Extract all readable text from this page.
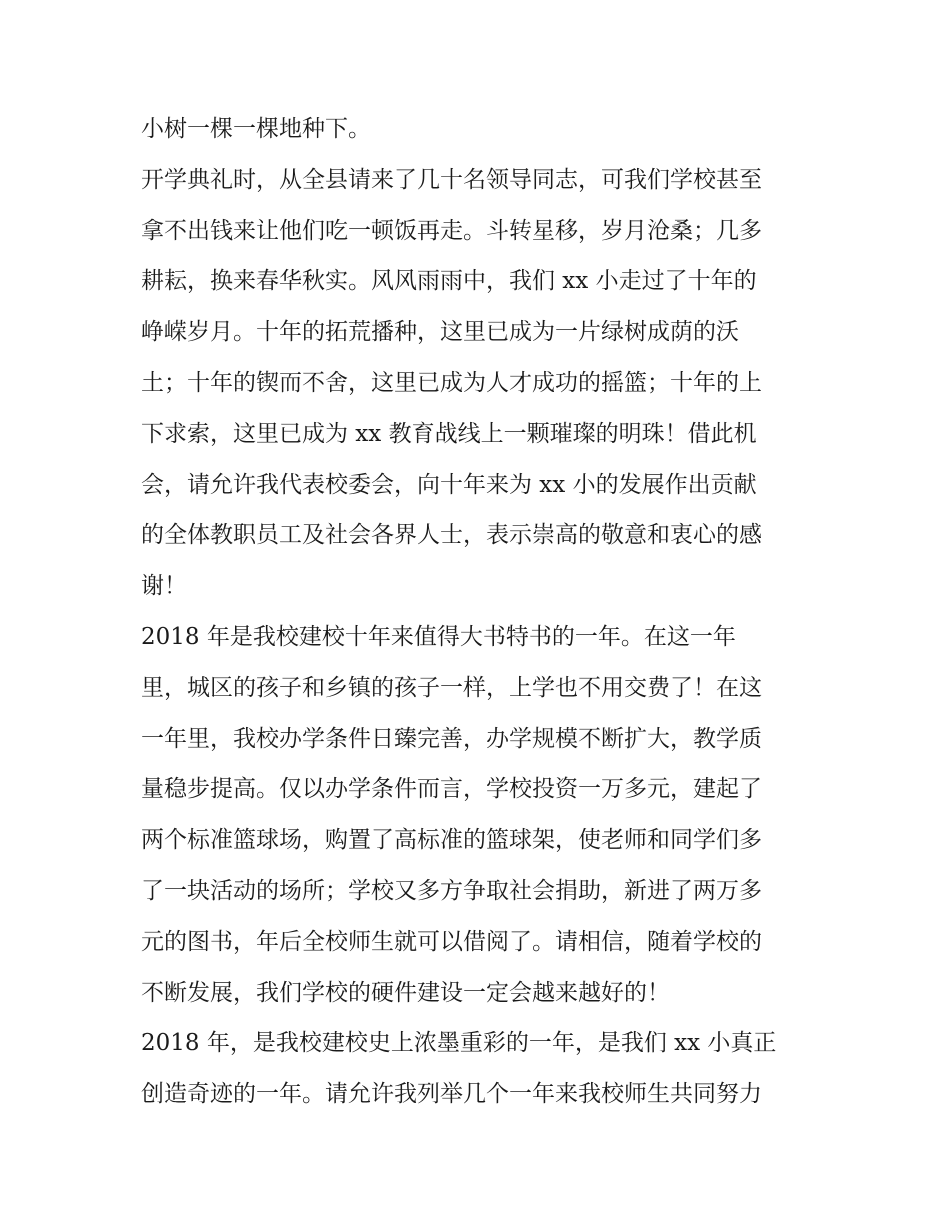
小树一棵一棵地种下。
开学典礼时，从全县请来了几十名领导同志，可我们学校甚至
拿不出钱来让他们吃一顿饭再走。斗转星移，岁月沧桑；几多
耕耘，换来春华秋实。风风雨雨中，我们 xx 小走过了十年的
峥嵘岁月。十年的拓荒播种，这里已成为一片绿树成荫的沃
土；十年的锲而不舍，这里已成为人才成功的摇篮；十年的上
下求索，这里已成为 xx 教育战线上一颗璀璨的明珠！借此机
会，请允许我代表校委会，向十年来为 xx 小的发展作出贡献
的全体教职员工及社会各界人士，表示崇高的敬意和衷心的感
谢！
2018 年是我校建校十年来值得大书特书的一年。在这一年
里，城区的孩子和乡镇的孩子一样，上学也不用交费了！在这
一年里，我校办学条件日臻完善，办学规模不断扩大，教学质
量稳步提高。仅以办学条件而言，学校投资一万多元，建起了
两个标准篮球场，购置了高标准的篮球架，使老师和同学们多
了一块活动的场所；学校又多方争取社会捐助，新进了两万多
元的图书，年后全校师生就可以借阅了。请相信，随着学校的
不断发展，我们学校的硬件建设一定会越来越好的！
2018 年，是我校建校史上浓墨重彩的一年，是我们 xx 小真正
创造奇迹的一年。请允许我列举几个一年来我校师生共同努力
